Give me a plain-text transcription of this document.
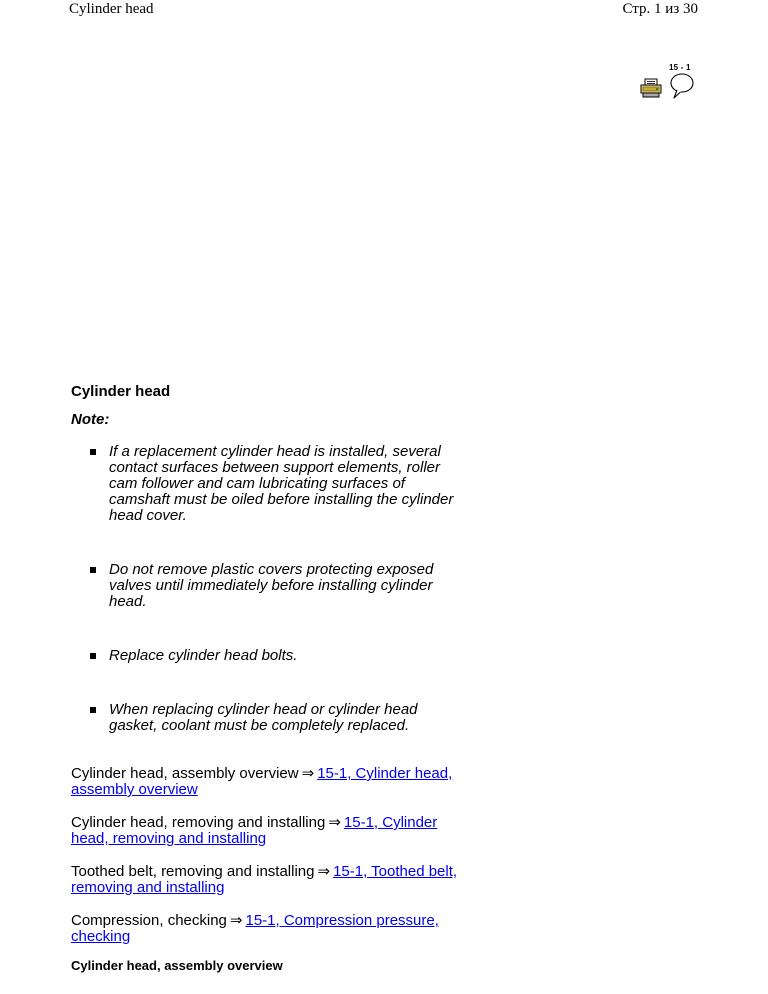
Cylinder head	Стр. 1 из 30
15 - 1
Cylinder head
Note:
If a replacement cylinder head is installed, several contact surfaces between support elements, roller cam follower and cam lubricating surfaces of camshaft must be oiled before installing the cylinder head cover.
Do not remove plastic covers protecting exposed valves until immediately before installing cylinder head.
Replace cylinder head bolts.
When replacing cylinder head or cylinder head gasket, coolant must be completely replaced.

Cylinder head, assembly overview ⇒ 15-1, Cylinder head, assembly overview

Cylinder head, removing and installing ⇒ 15-1, Cylinder head, removing and installing

Toothed belt, removing and installing ⇒ 15-1, Toothed belt, removing and installing

Compression, checking ⇒ 15-1, Compression pressure, checking

Cylinder head, assembly overview
